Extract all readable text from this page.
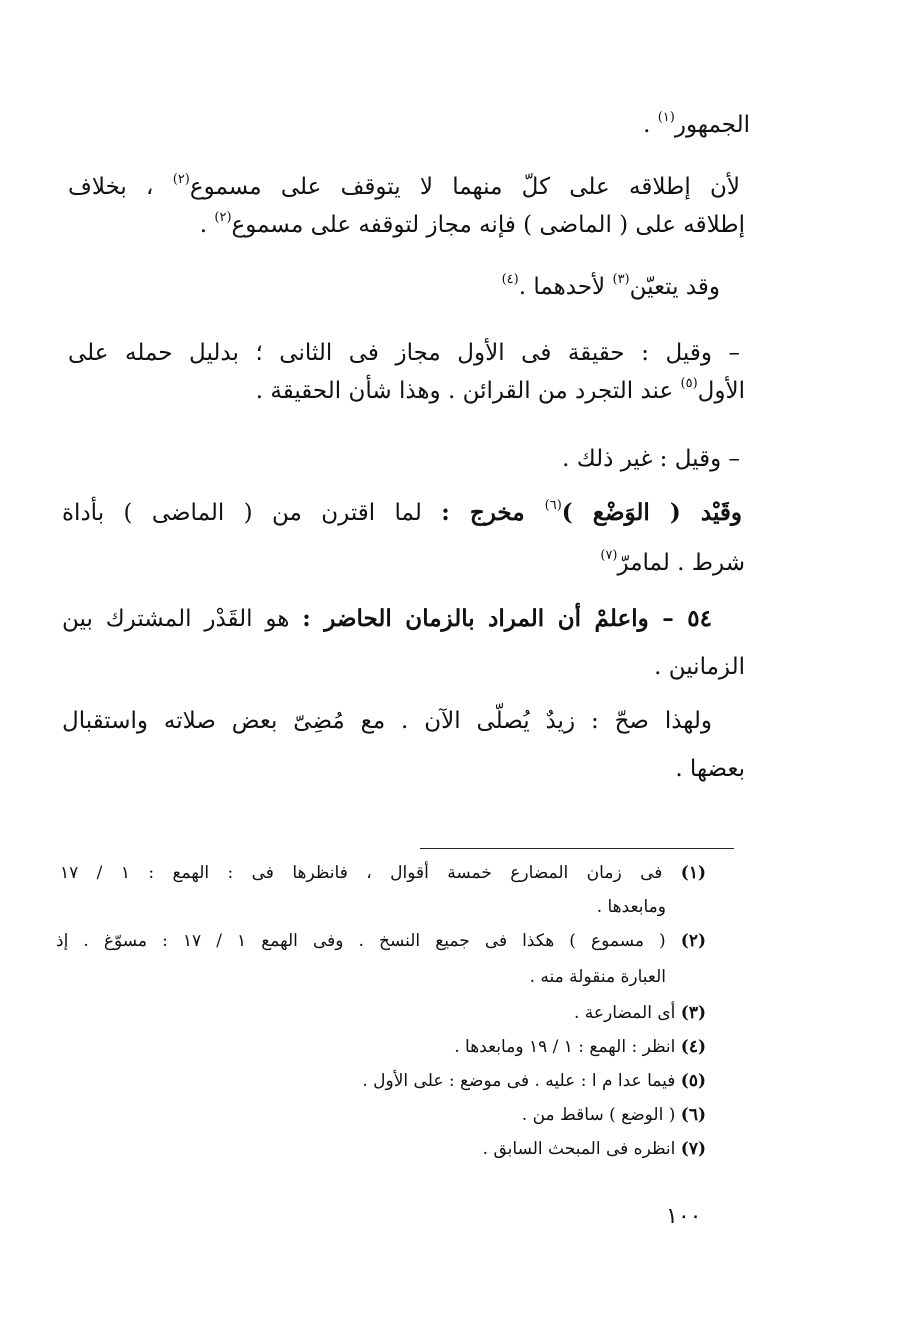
الجمهور$^{(١)}$ .
لأن إطلاقه على كلّ منهما لا يتوقف على مسموع$^{(٢)}$ ، بخلاف
إطلاقه على ( الماضى ) فإنه مجاز لتوقفه على مسموع$^{(٢)}$ .
وقد يتعيّن$^{(٣)}$ لأحدهما .$^{(٤)}$
– وقيل : حقيقة فى الأول مجاز فى الثانى ؛ بدليل حمله على
الأول$^{(٥)}$ عند التجرد من القرائن . وهذا شأن الحقيقة .
– وقيل : غير ذلك .
وقَيْد ( الوَضْع )$^{(٦)}$ مخرج : لما اقترن من ( الماضى ) بأداة
شرط . لمامرّ$^{(٧)}$
٥٤ – واعلمْ أن المراد بالزمان الحاضر : هو القَدْر المشترك بين
الزمانين .
ولهذا صحّ : زيدٌ يُصلّى الآن . مع مُضِىّ بعض صلاته واستقبال
بعضها .
(١) فى زمان المضارع خمسة أقوال ، فانظرها فى : الهمع : ١ / ١٧
ومابعدها .
(٢) ( مسموع ) هكذا فى جميع النسخ . وفى الهمع ١ / ١٧ : مسوّغ . إذ
العبارة منقولة منه .
(٣) أى المضارعة .
(٤) انظر : الهمع : ١ / ١٩ ومابعدها .
(٥) فيما عدا م ا : عليه . فى موضع : على الأول .
(٦) ( الوضع ) ساقط من .
(٧) انظره فى المبحث السابق .
١٠٠
